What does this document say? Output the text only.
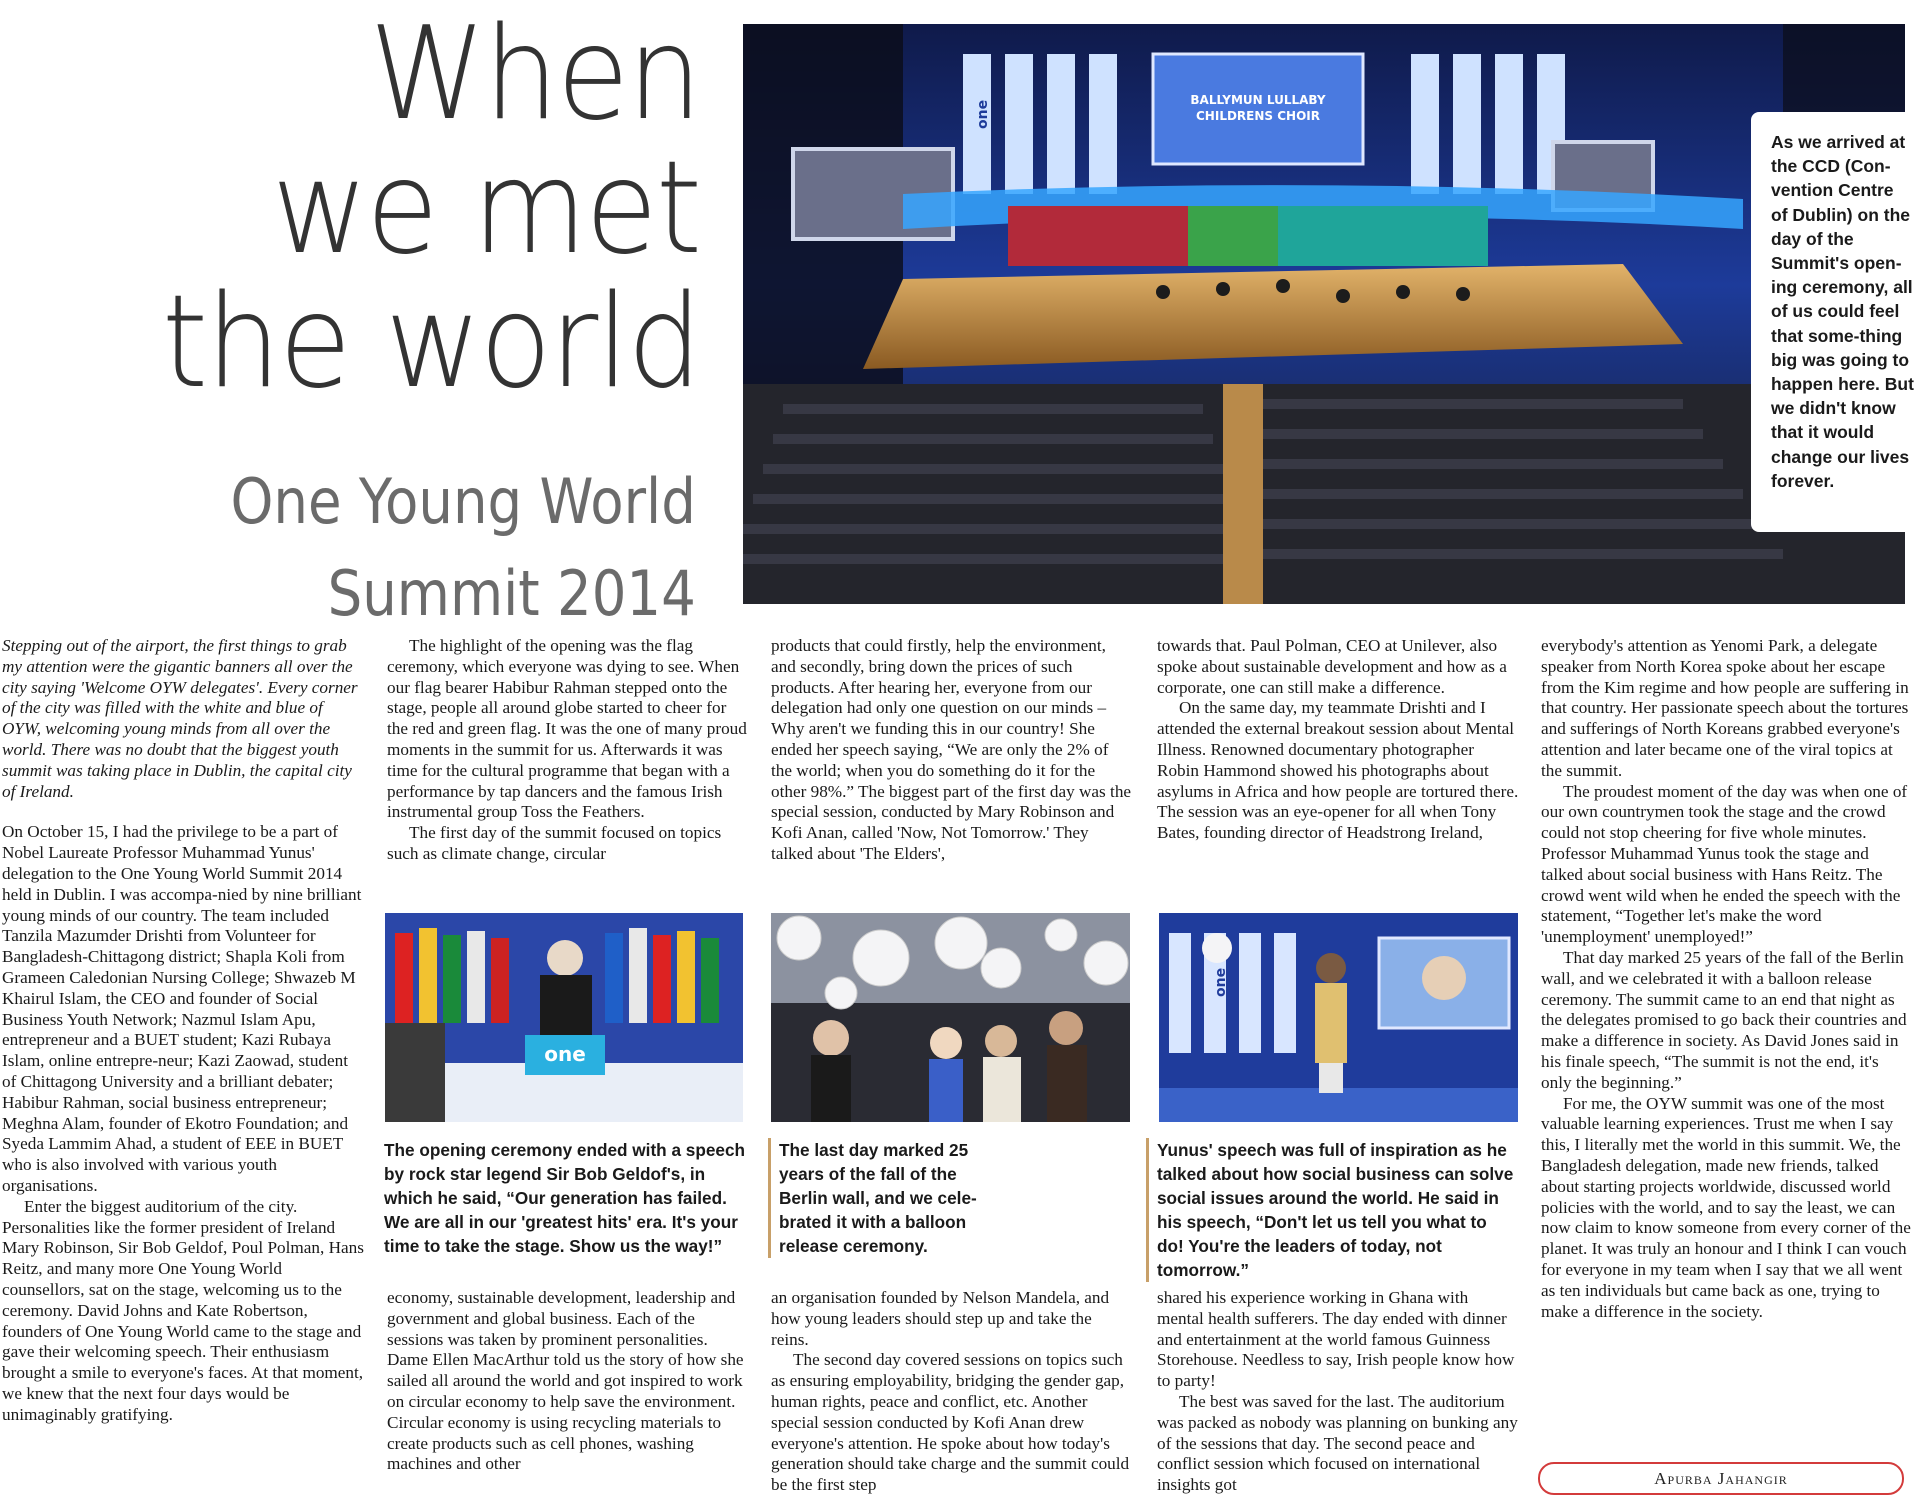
When
we met
the world
One Young World
Summit 2014
one	BALLYMUN LULLABY
CHILDRENS CHOIR
As we arrived at the CCD (Con-vention Centre of Dublin) on the day of the Summit's open-ing ceremony, all of us could feel that some-thing big was going to happen here. But we didn't know that it would change our lives forever.

Stepping out of the airport, the first things to grab my attention were the gigantic banners all over the city saying 'Welcome OYW delegates'. Every corner of the city was filled with the white and blue of OYW, welcoming young minds from all over the world. There was no doubt that the biggest youth summit was taking place in Dublin, the capital city of Ireland.

On October 15, I had the privilege to be a part of Nobel Laureate Professor Muhammad Yunus' delegation to the One Young World Summit 2014 held in Dublin. I was accompa-nied by nine brilliant young minds of our country. The team included Tanzila Mazumder Drishti from Volunteer for Bangladesh-Chittagong district; Shapla Koli from Grameen Caledonian Nursing College; Shwazeb M Khairul Islam, the CEO and founder of Social Business Youth Network; Nazmul Islam Apu, entrepreneur and a BUET student; Kazi Rubaya Islam, online entrepre-neur; Kazi Zaowad, student of Chittagong University and a brilliant debater; Habibur Rahman, social business entrepreneur; Meghna Alam, founder of Ekotro Foundation; and Syeda Lammim Ahad, a student of EEE in BUET who is also involved with various youth organisations.

Enter the biggest auditorium of the city. Personalities like the former president of Ireland Mary Robinson, Sir Bob Geldof, Poul Polman, Hans Reitz, and many more One Young World counsellors, sat on the stage, welcoming us to the ceremony. David Johns and Kate Robertson, founders of One Young World came to the stage and gave their welcoming speech. Their enthusiasm brought a smile to everyone's faces. At that moment, we knew that the next four days would be unimaginably gratifying.

The highlight of the opening was the flag ceremony, which everyone was dying to see. When our flag bearer Habibur Rahman stepped onto the stage, people all around globe started to cheer for the red and green flag. It was the one of many proud moments in the summit for us. Afterwards it was time for the cultural programme that began with a performance by tap dancers and the famous Irish instrumental group Toss the Feathers.

The first day of the summit focused on topics such as climate change, circular

products that could firstly, help the environment, and secondly, bring down the prices of such products. After hearing her, everyone from our delegation had only one question on our minds –Why aren't we funding this in our country! She ended her speech saying, “We are only the 2% of the world; when you do something do it for the other 98%.” The biggest part of the first day was the special session, conducted by Mary Robinson and Kofi Anan, called 'Now, Not Tomorrow.' They talked about 'The Elders',

towards that. Paul Polman, CEO at Unilever, also spoke about sustainable development and how as a corporate, one can still make a difference.

On the same day, my teammate Drishti and I attended the external breakout session about Mental Illness. Renowned documentary photographer Robin Hammond showed his photographs about asylums in Africa and how people are tortured there. The session was an eye-opener for all when Tony Bates, founding director of Headstrong Ireland,

everybody's attention as Yenomi Park, a delegate speaker from North Korea spoke about her escape from the Kim regime and how people are suffering in that country. Her passionate speech about the tortures and sufferings of North Koreans grabbed everyone's attention and later became one of the viral topics at the summit.

The proudest moment of the day was when one of our own countrymen took the stage and the crowd could not stop cheering for five whole minutes. Professor Muhammad Yunus took the stage and talked about social business with Hans Reitz. The crowd went wild when he ended the speech with the statement, “Together let's make the word 'unemployment' unemployed!”

That day marked 25 years of the fall of the Berlin wall, and we celebrated it with a balloon release ceremony. The summit came to an end that night as the delegates promised to go back their countries and make a difference in society. As David Jones said in his finale speech, “The summit is not the end, it's only the beginning.”

For me, the OYW summit was one of the most valuable learning experiences. Trust me when I say this, I literally met the world in this summit. We, the Bangladesh delegation, made new friends, talked about starting projects worldwide, discussed world policies with the world, and to say the least, we can now claim to know someone from every corner of the planet. It was truly an honour and I think I can vouch for everyone in my team when I say that we all went as ten individuals but came back as one, trying to make a difference in the society.

one
The opening ceremony ended with a speech by rock star legend Sir Bob Geldof's, in which he said, “Our generation has failed. We are all in our 'greatest hits' era. It's your time to take the stage. Show us the way!”
The last day marked 25 years of the fall of the Berlin wall, and we cele-brated it with a balloon release ceremony.
one
Yunus' speech was full of inspiration as he talked about how social business can solve social issues around the world. He said in his speech, “Don't let us tell you what to do! You're the leaders of today, not tomorrow.”

economy, sustainable development, leadership and government and global business. Each of the sessions was taken by prominent personalities. Dame Ellen MacArthur told us the story of how she sailed all around the world and got inspired to work on circular economy to help save the environment. Circular economy is using recycling materials to create products such as cell phones, washing machines and other

an organisation founded by Nelson Mandela, and how young leaders should step up and take the reins.

The second day covered sessions on topics such as ensuring employability, bridging the gender gap, human rights, peace and conflict, etc. Another special session conducted by Kofi Anan drew everyone's attention. He spoke about how today's generation should take charge and the summit could be the first step

shared his experience working in Ghana with mental health sufferers. The day ended with dinner and entertainment at the world famous Guinness Storehouse. Needless to say, Irish people know how to party!

The best was saved for the last. The auditorium was packed as nobody was planning on bunking any of the sessions that day. The second peace and conflict session which focused on international insights got	Apurba Jahangir
